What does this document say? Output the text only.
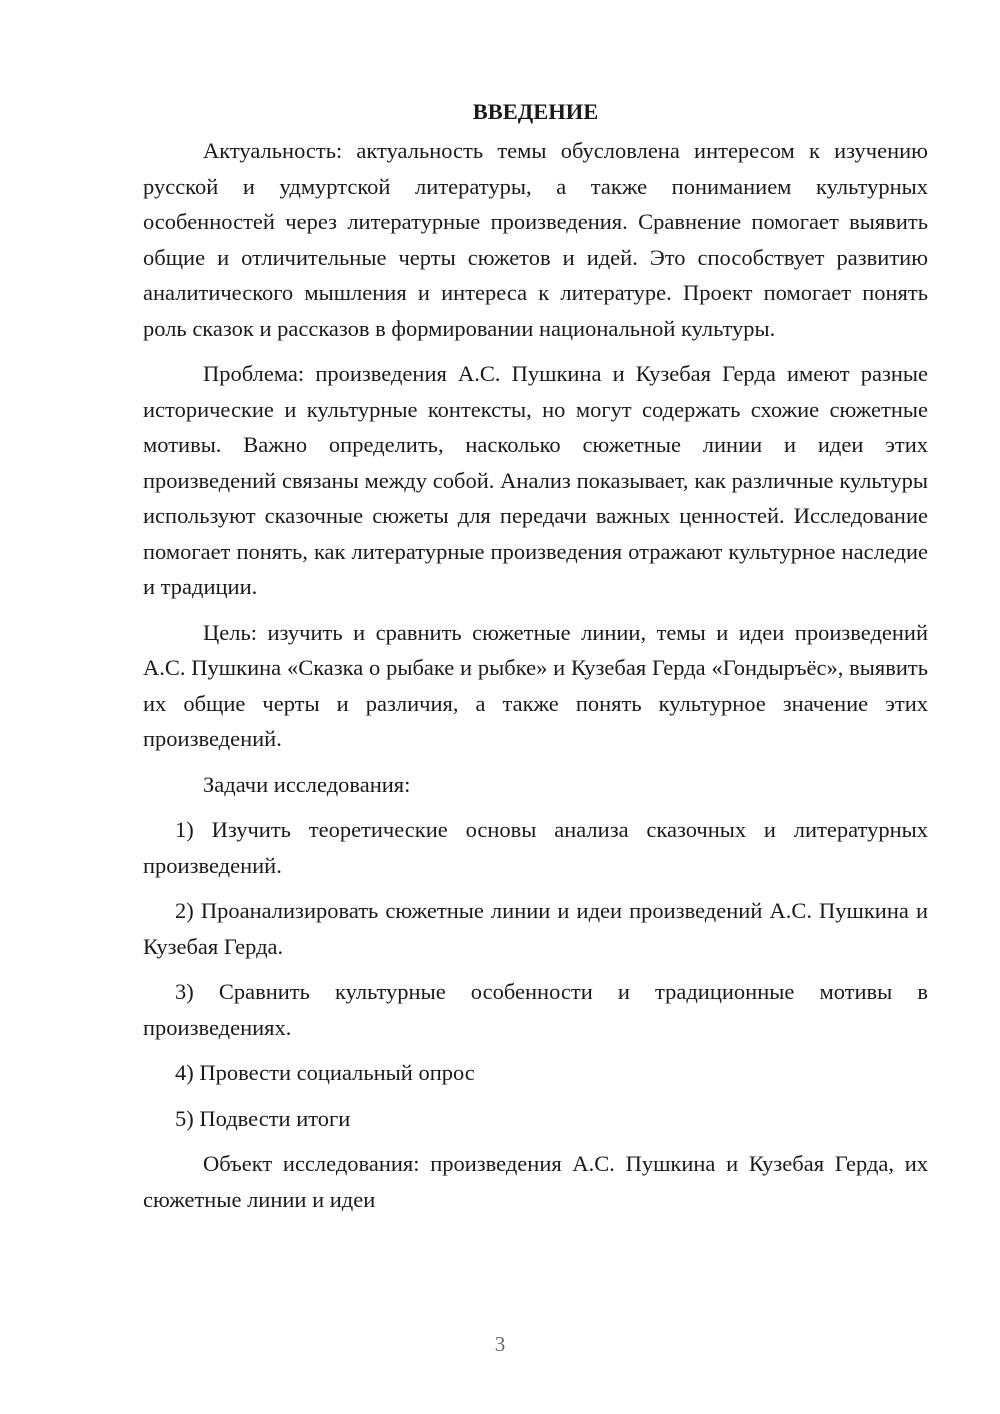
ВВЕДЕНИЕ

Актуальность: актуальность темы обусловлена интересом к изучению русской и удмуртской литературы, а также пониманием культурных особенностей через литературные произведения. Сравнение помогает выявить общие и отличительные черты сюжетов и идей. Это способствует развитию аналитического мышления и интереса к литературе. Проект помогает понять роль сказок и рассказов в формировании национальной культуры.

Проблема: произведения А.С. Пушкина и Кузебая Герда имеют разные исторические и культурные контексты, но могут содержать схожие сюжетные мотивы. Важно определить, насколько сюжетные линии и идеи этих произведений связаны между собой. Анализ показывает, как различные культуры используют сказочные сюжеты для передачи важных ценностей. Исследование помогает понять, как литературные произведения отражают культурное наследие и традиции.

Цель: изучить и сравнить сюжетные линии, темы и идеи произведений А.С. Пушкина «Сказка о рыбаке и рыбке» и Кузебая Герда «Гондыръёс», выявить их общие черты и различия, а также понять культурное значение этих произведений.

Задачи исследования:

1) Изучить теоретические основы анализа сказочных и литературных произведений.

2) Проанализировать сюжетные линии и идеи произведений А.С. Пушкина и Кузебая Герда.

3) Сравнить культурные особенности и традиционные мотивы в произведениях.

4) Провести социальный опрос

5) Подвести итоги

Объект исследования: произведения А.С. Пушкина и Кузебая Герда, их сюжетные линии и идеи

3
